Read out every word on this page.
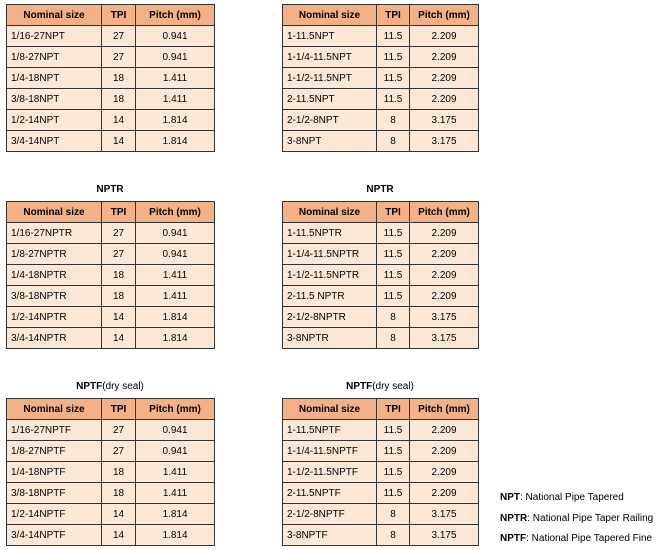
NPTR	NPTR
NPTF(dry seal)	NPTF(dry seal)
Nominal size	TPI	Pitch (mm)
1/16-27NPT	27	0.941
1/8-27NPT	27	0.941
1/4-18NPT	18	1.411
3/8-18NPT	18	1.411
1/2-14NPT	14	1.814
3/4-14NPT	14	1.814
Nominal size	TPI	Pitch (mm)
1-11.5NPT	11.5	2.209
1-1/4-11.5NPT	11.5	2.209
1-1/2-11.5NPT	11.5	2.209
2-11.5NPT	11.5	2.209
2-1/2-8NPT	8	3.175
3-8NPT	8	3.175
Nominal size	TPI	Pitch (mm)
1/16-27NPTR	27	0.941
1/8-27NPTR	27	0.941
1/4-18NPTR	18	1.411
3/8-18NPTR	18	1.411
1/2-14NPTR	14	1.814
3/4-14NPTR	14	1.814
Nominal size	TPI	Pitch (mm)
1-11.5NPTR	11.5	2.209
1-1/4-11.5NPTR	11.5	2.209
1-1/2-11.5NPTR	11.5	2.209
2-11.5 NPTR	11.5	2.209
2-1/2-8NPTR	8	3.175
3-8NPTR	8	3.175
Nominal size	TPI	Pitch (mm)
1/16-27NPTF	27	0.941
1/8-27NPTF	27	0.941
1/4-18NPTF	18	1.411
3/8-18NPTF	18	1.411
1/2-14NPTF	14	1.814
3/4-14NPTF	14	1.814
Nominal size	TPI	Pitch (mm)
1-11.5NPTF	11.5	2.209
1-1/4-11.5NPTF	11.5	2.209
1-1/2-11.5NPTF	11.5	2.209
2-11.5NPTF	11.5	2.209
2-1/2-8NPTF	8	3.175
3-8NPTF	8	3.175
NPT: National Pipe Tapered
NPTR: National Pipe Taper Railing
NPTF: National Pipe Tapered Fine
